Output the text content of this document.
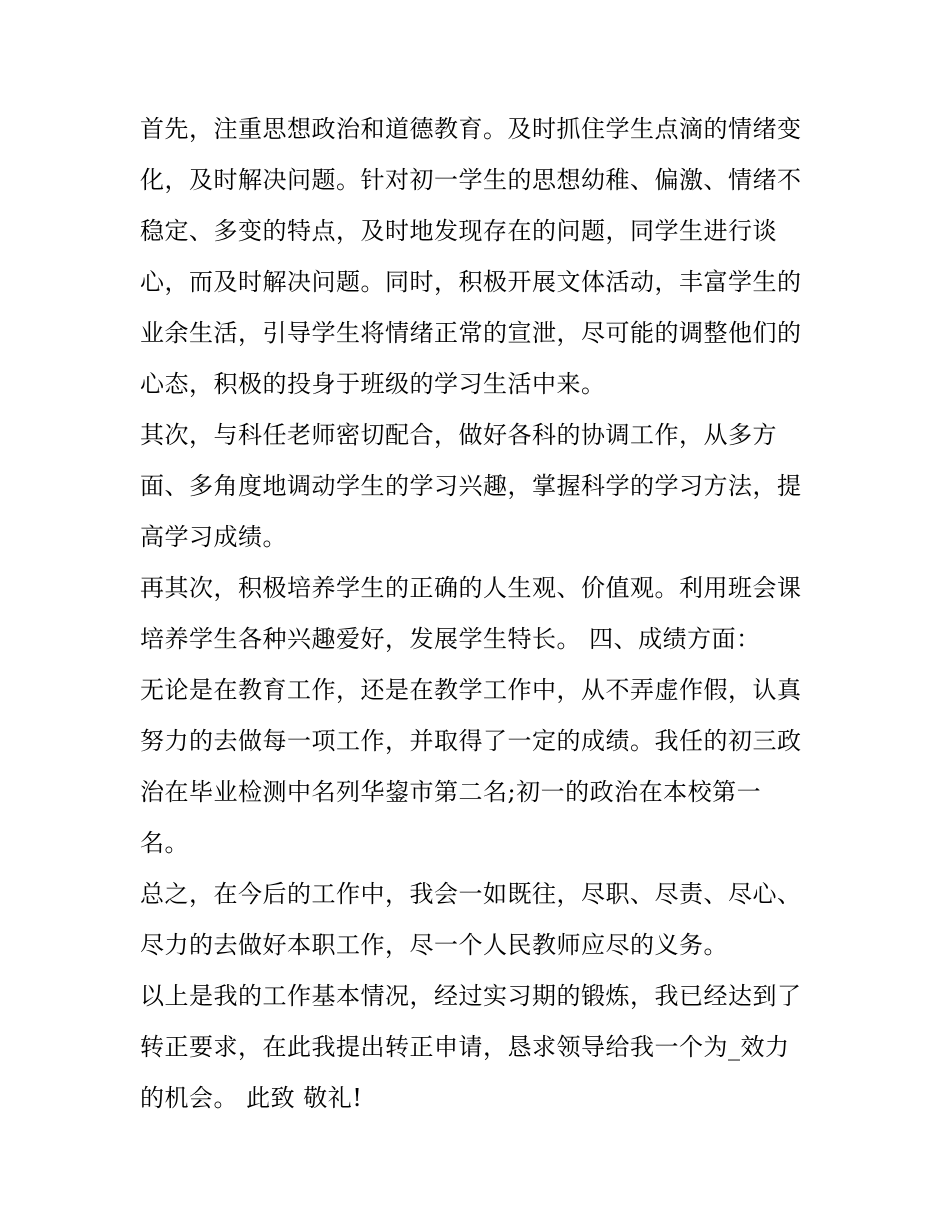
首先，注重思想政治和道德教育。及时抓住学生点滴的情绪变
化，及时解决问题。针对初一学生的思想幼稚、偏激、情绪不
稳定、多变的特点，及时地发现存在的问题，同学生进行谈
心，而及时解决问题。同时，积极开展文体活动，丰富学生的
业余生活，引导学生将情绪正常的宣泄，尽可能的调整他们的
心态，积极的投身于班级的学习生活中来。
其次，与科任老师密切配合，做好各科的协调工作，从多方
面、多角度地调动学生的学习兴趣，掌握科学的学习方法，提
高学习成绩。
再其次，积极培养学生的正确的人生观、价值观。利用班会课
培养学生各种兴趣爱好，发展学生特长。 四、成绩方面：
无论是在教育工作，还是在教学工作中，从不弄虚作假，认真
努力的去做每一项工作，并取得了一定的成绩。我任的初三政
治在毕业检测中名列华鋆市第二名;初一的政治在本校第一
名。
总之，在今后的工作中，我会一如既往，尽职、尽责、尽心、
尽力的去做好本职工作，尽一个人民教师应尽的义务。
以上是我的工作基本情况，经过实习期的锻炼，我已经达到了
转正要求，在此我提出转正申请，恳求领导给我一个为_效力
的机会。 此致 敬礼!
